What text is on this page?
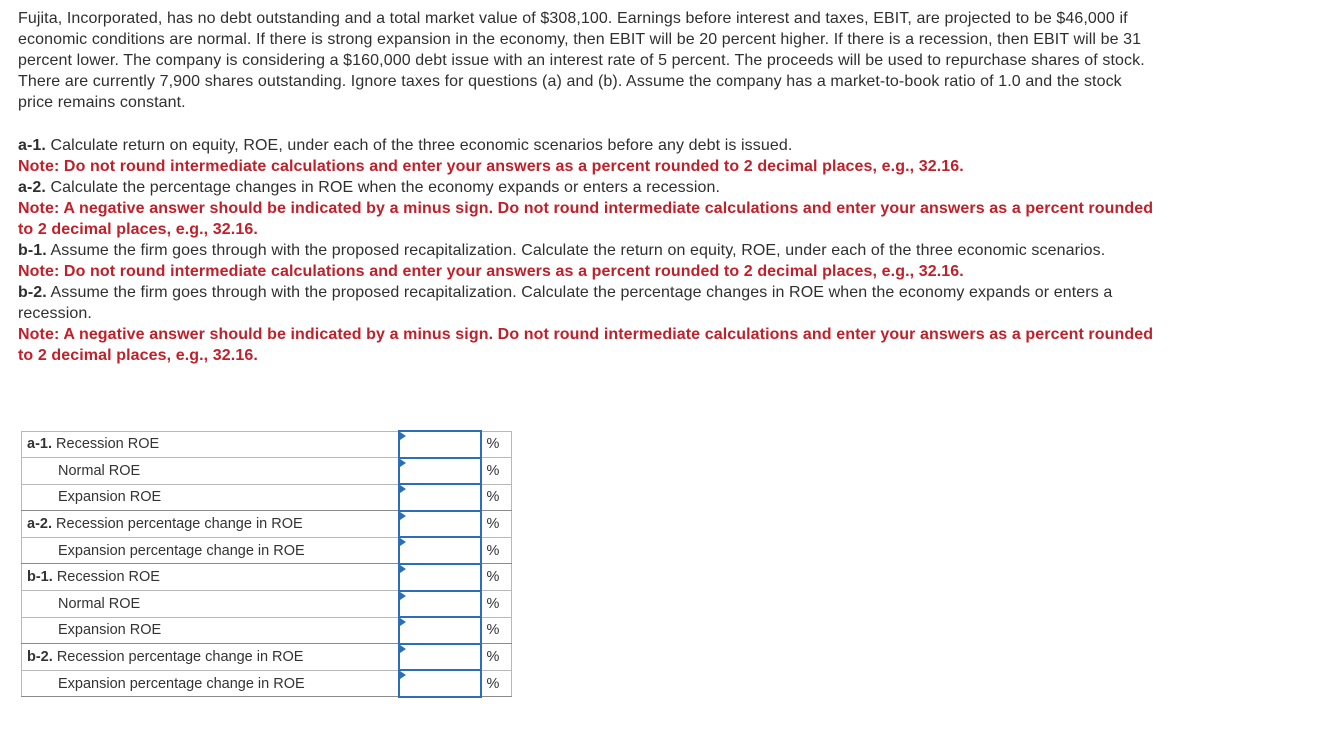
Fujita, Incorporated, has no debt outstanding and a total market value of $308,100. Earnings before interest and taxes, EBIT, are projected to be $46,000 if economic conditions are normal. If there is strong expansion in the economy, then EBIT will be 20 percent higher. If there is a recession, then EBIT will be 31 percent lower. The company is considering a $160,000 debt issue with an interest rate of 5 percent. The proceeds will be used to repurchase shares of stock. There are currently 7,900 shares outstanding. Ignore taxes for questions (a) and (b). Assume the company has a market-to-book ratio of 1.0 and the stock price remains constant.

a-1. Calculate return on equity, ROE, under each of the three economic scenarios before any debt is issued.

Note: Do not round intermediate calculations and enter your answers as a percent rounded to 2 decimal places, e.g., 32.16.

a-2. Calculate the percentage changes in ROE when the economy expands or enters a recession.

Note: A negative answer should be indicated by a minus sign. Do not round intermediate calculations and enter your answers as a percent rounded to 2 decimal places, e.g., 32.16.

b-1. Assume the firm goes through with the proposed recapitalization. Calculate the return on equity, ROE, under each of the three economic scenarios.

Note: Do not round intermediate calculations and enter your answers as a percent rounded to 2 decimal places, e.g., 32.16.

b-2. Assume the firm goes through with the proposed recapitalization. Calculate the percentage changes in ROE when the economy expands or enters a recession.

Note: A negative answer should be indicated by a minus sign. Do not round intermediate calculations and enter your answers as a percent rounded to 2 decimal places, e.g., 32.16.

a-1. Recession ROE		%
Normal ROE		%
Expansion ROE		%
a-2. Recession percentage change in ROE		%
Expansion percentage change in ROE		%
b-1. Recession ROE		%
Normal ROE		%
Expansion ROE		%
b-2. Recession percentage change in ROE		%
Expansion percentage change in ROE		%
